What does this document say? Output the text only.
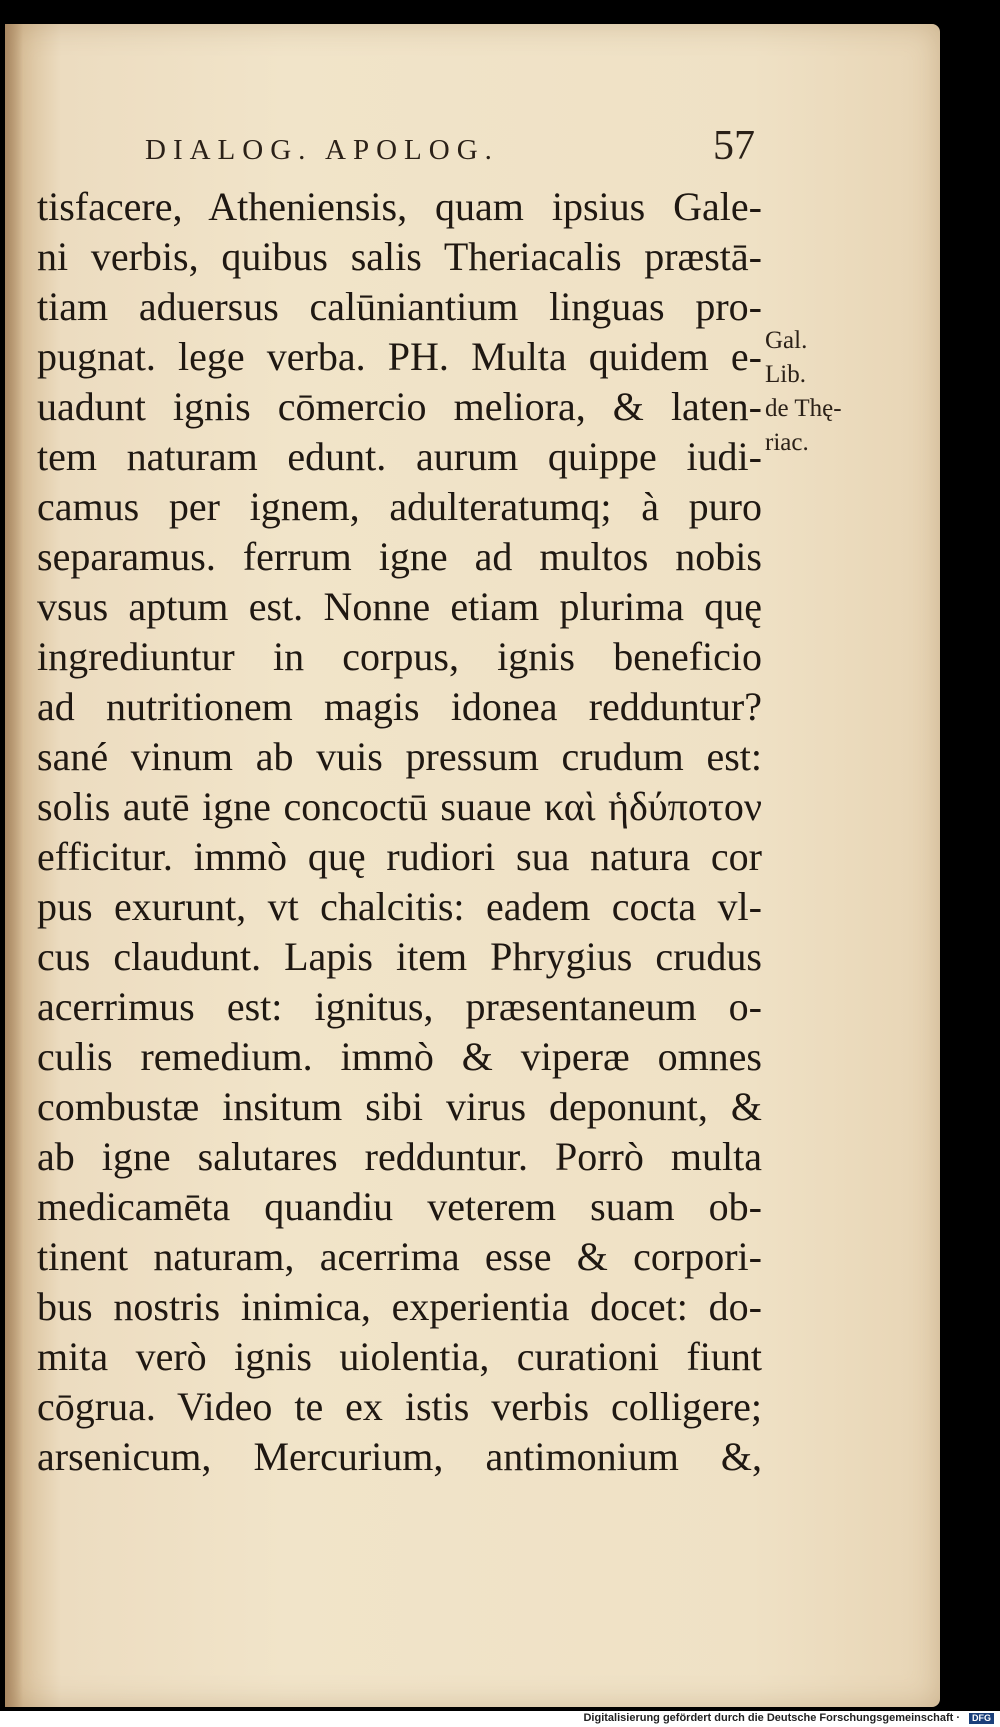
DIALOG. APOLOG.	57
tisfacere, Atheniensis, quam ipsius Gale-
ni verbis, quibus salis Theriacalis præstā-
tiam aduersus calūniantium linguas pro-
pugnat. lege verba. PH. Multa quidem e-
uadunt ignis cōmercio meliora, & laten-
tem naturam edunt. aurum quippe iudi-
camus per ignem, adulteratumq; à puro
separamus. ferrum igne ad multos nobis
vsus aptum est. Nonne etiam plurima quę
ingrediuntur in corpus, ignis beneficio
ad nutritionem magis idonea redduntur?
sané vinum ab vuis pressum crudum est:
solis autē igne concoctū suaue καὶ ἡδύποτον
efficitur. immò quę rudiori sua natura cor
pus exurunt, vt chalcitis: eadem cocta vl-
cus claudunt. Lapis item Phrygius crudus
acerrimus est: ignitus, præsentaneum o-
culis remedium. immò & viperæ omnes
combustæ insitum sibi virus deponunt, &
ab igne salutares redduntur. Porrò multa
medicamēta quandiu veterem suam ob-
tinent naturam, acerrima esse & corpori-
bus nostris inimica, experientia docet: do-
mita verò ignis uiolentia, curationi fiunt
cōgrua. Video te ex istis verbis colligere;
arsenicum, Mercurium, antimonium &,
Gal.
Lib.
de Thę-
riac.
Digitalisierung gefördert durch die Deutsche Forschungsgemeinschaft ·	DFG
